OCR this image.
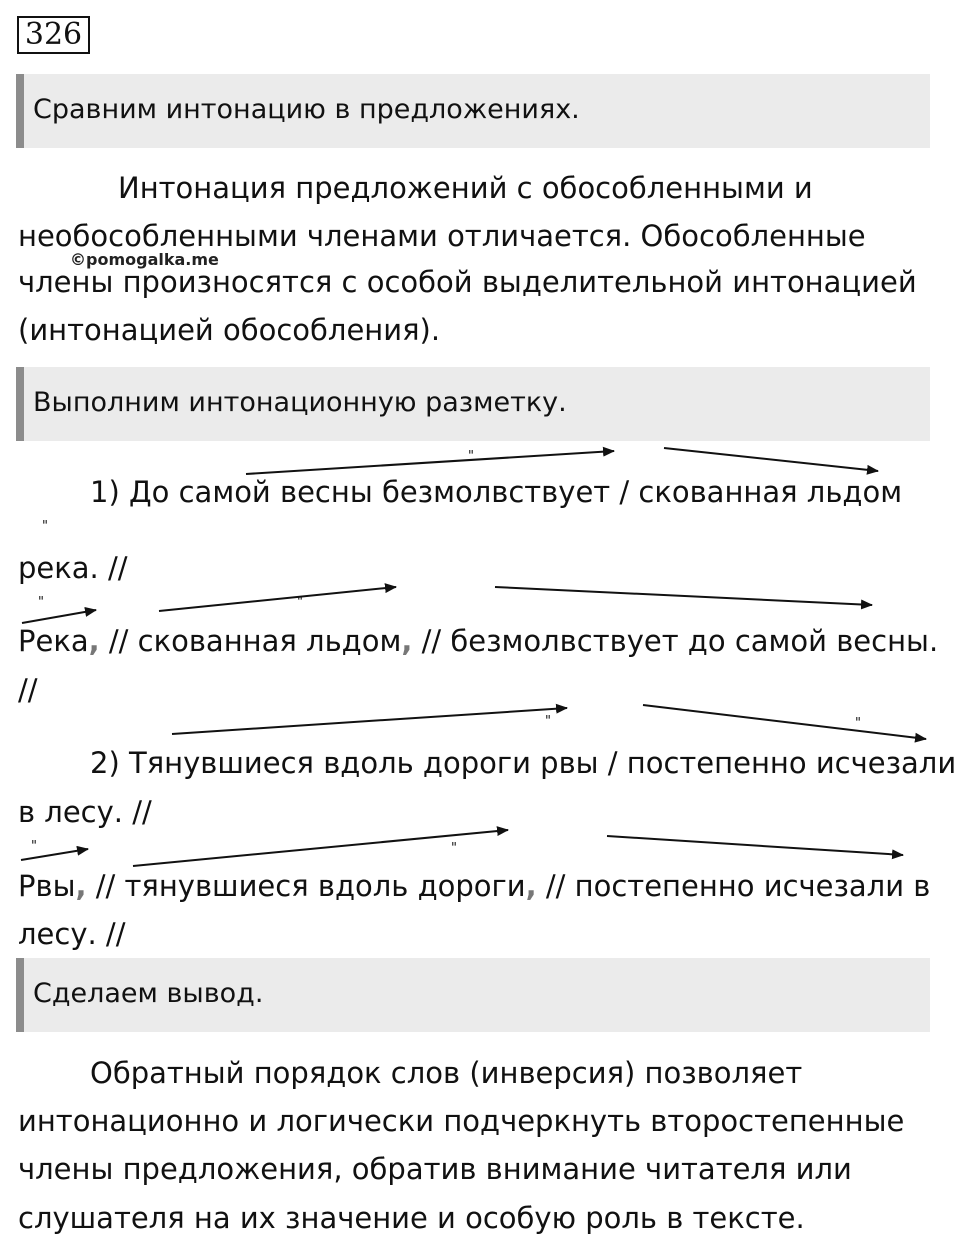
326
Сравним интонацию в предложениях.
Интонация предложений с обособленными и
необособленными членами отличается. Обособленные
©pomogalka.me
члены произносятся с особой выделительной интонацией
(интонацией обособления).
Выполним интонационную разметку.
1) До самой весны безмолвствует / скованная льдом
река. //
Река, // скованная льдом, // безмолвствует до самой весны.
//
2) Тянувшиеся вдоль дороги рвы / постепенно исчезали
в лесу. //
Рвы, // тянувшиеся вдоль дороги, // постепенно исчезали в
лесу. //
Сделаем вывод.
Обратный порядок слов (инверсия) позволяет
интонационно и логически подчеркнуть второстепенные
члены предложения, обратив внимание читателя или
слушателя на их значение и особую роль в тексте.
"
"
"	"
"	"
"	"
